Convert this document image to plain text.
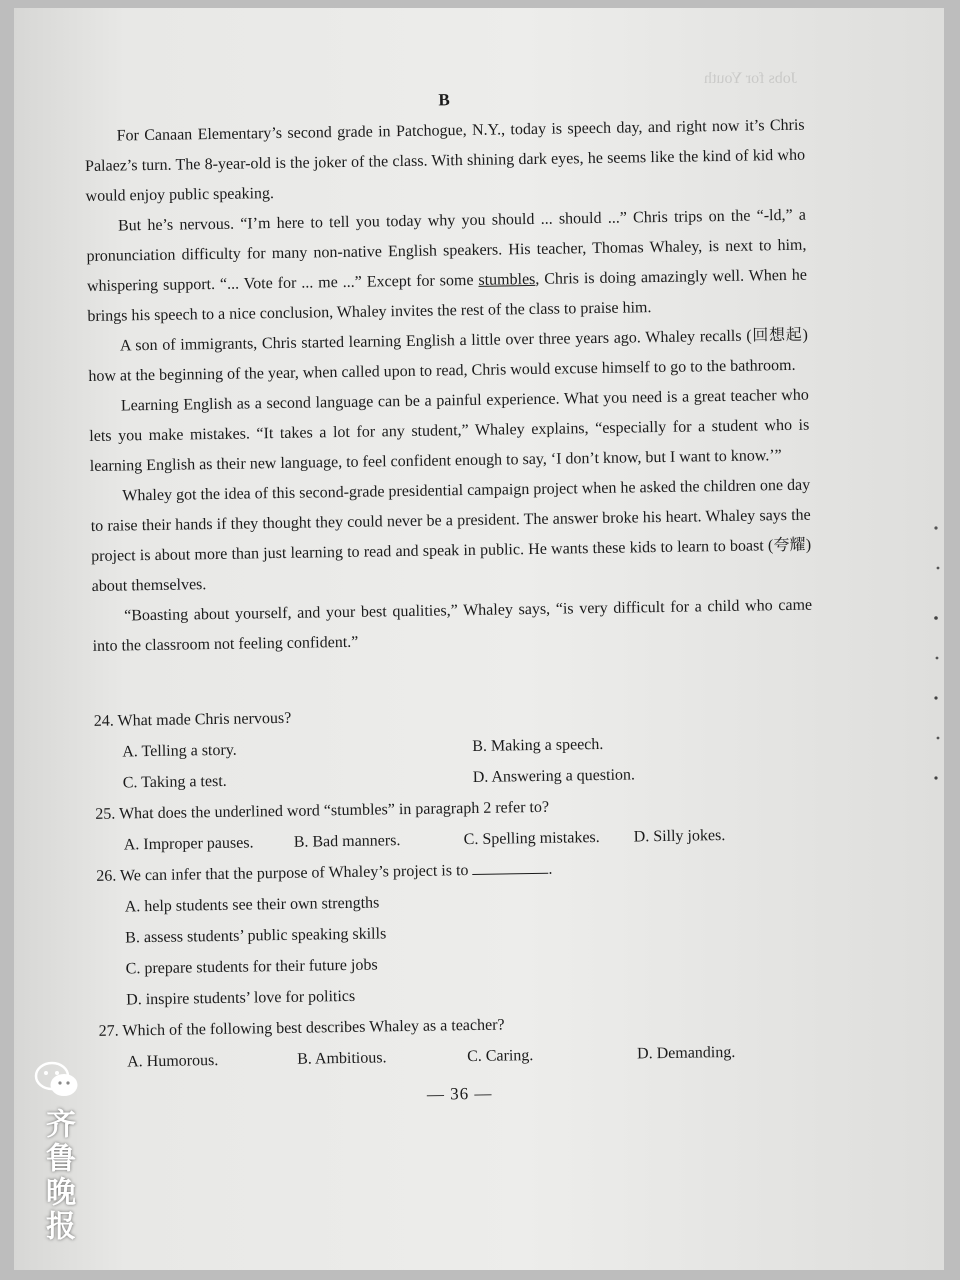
Jobs for Youth
B

For Canaan Elementary’s second grade in Patchogue, N.Y., today is speech day, and right now it’s Chris Palaez’s turn. The 8-year-old is the joker of the class. With shining dark eyes, he seems like the kind of kid who would enjoy public speaking.

But he’s nervous. “I’m here to tell you today why you should ... should ...” Chris trips on the “-ld,” a pronunciation difficulty for many non-native English speakers. His teacher, Thomas Whaley, is next to him, whispering support. “... Vote for ... me ...” Except for some stumbles, Chris is doing amazingly well. When he brings his speech to a nice conclusion, Whaley invites the rest of the class to praise him.

A son of immigrants, Chris started learning English a little over three years ago. Whaley recalls (回想起) how at the beginning of the year, when called upon to read, Chris would excuse himself to go to the bathroom.

Learning English as a second language can be a painful experience. What you need is a great teacher who lets you make mistakes. “It takes a lot for any student,” Whaley explains, “especially for a student who is learning English as their new language, to feel confident enough to say, ‘I don’t know, but I want to know.’”

Whaley got the idea of this second-grade presidential campaign project when he asked the children one day to raise their hands if they thought they could never be a president. The answer broke his heart. Whaley says the project is about more than just learning to read and speak in public. He wants these kids to learn to boast (夸耀) about themselves.

“Boasting about yourself, and your best qualities,” Whaley says, “is very difficult for a child who came into the classroom not feeling confident.”

24. What made Chris nervous?

A. Telling a story.	B. Making a speech.
C. Taking a test.	D. Answering a question.

25. What does the underlined word “stumbles” in paragraph 2 refer to?

A. Improper pauses.	B. Bad manners.	C. Spelling mistakes.	D. Silly jokes.

26. We can infer that the purpose of Whaley’s project is to	.

A. help students see their own strengths
B. assess students’ public speaking skills
C. prepare students for their future jobs
D. inspire students’ love for politics

27. Which of the following best describes Whaley as a teacher?

A. Humorous.	B. Ambitious.	C. Caring.	D. Demanding.
— 36 —
齐鲁晚报
